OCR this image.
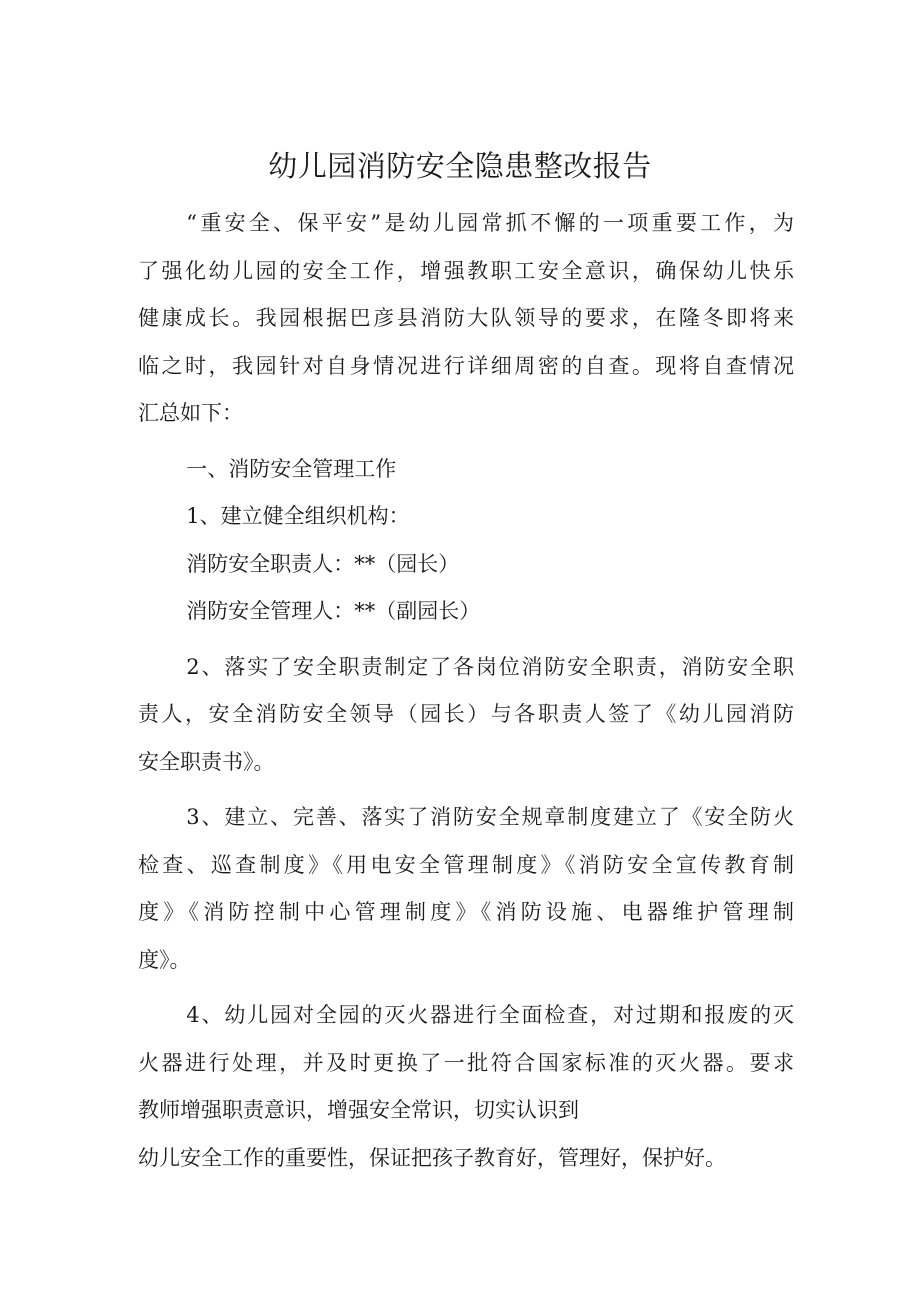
幼儿园消防安全隐患整改报告
“重安全、保平安”是幼儿园常抓不懈的一项重要工作，为
了强化幼儿园的安全工作，增强教职工安全意识，确保幼儿快乐
健康成长。我园根据巴彦县消防大队领导的要求，在隆冬即将来
临之时，我园针对自身情况进行详细周密的自查。现将自查情况
汇总如下：
一、消防安全管理工作
1、建立健全组织机构：
消防安全职责人：**（园长）
消防安全管理人：**（副园长）
2、落实了安全职责制定了各岗位消防安全职责，消防安全职
责人，安全消防安全领导（园长）与各职责人签了《幼儿园消防
安全职责书》。
3、建立、完善、落实了消防安全规章制度建立了《安全防火
检查、巡查制度》《用电安全管理制度》《消防安全宣传教育制
度》《消防控制中心管理制度》《消防设施、电器维护管理制
度》。
4、幼儿园对全园的灭火器进行全面检查，对过期和报废的灭
火器进行处理，并及时更换了一批符合国家标准的灭火器。要求
教师增强职责意识，增强安全常识，切实认识到
幼儿安全工作的重要性，保证把孩子教育好，管理好，保护好。
